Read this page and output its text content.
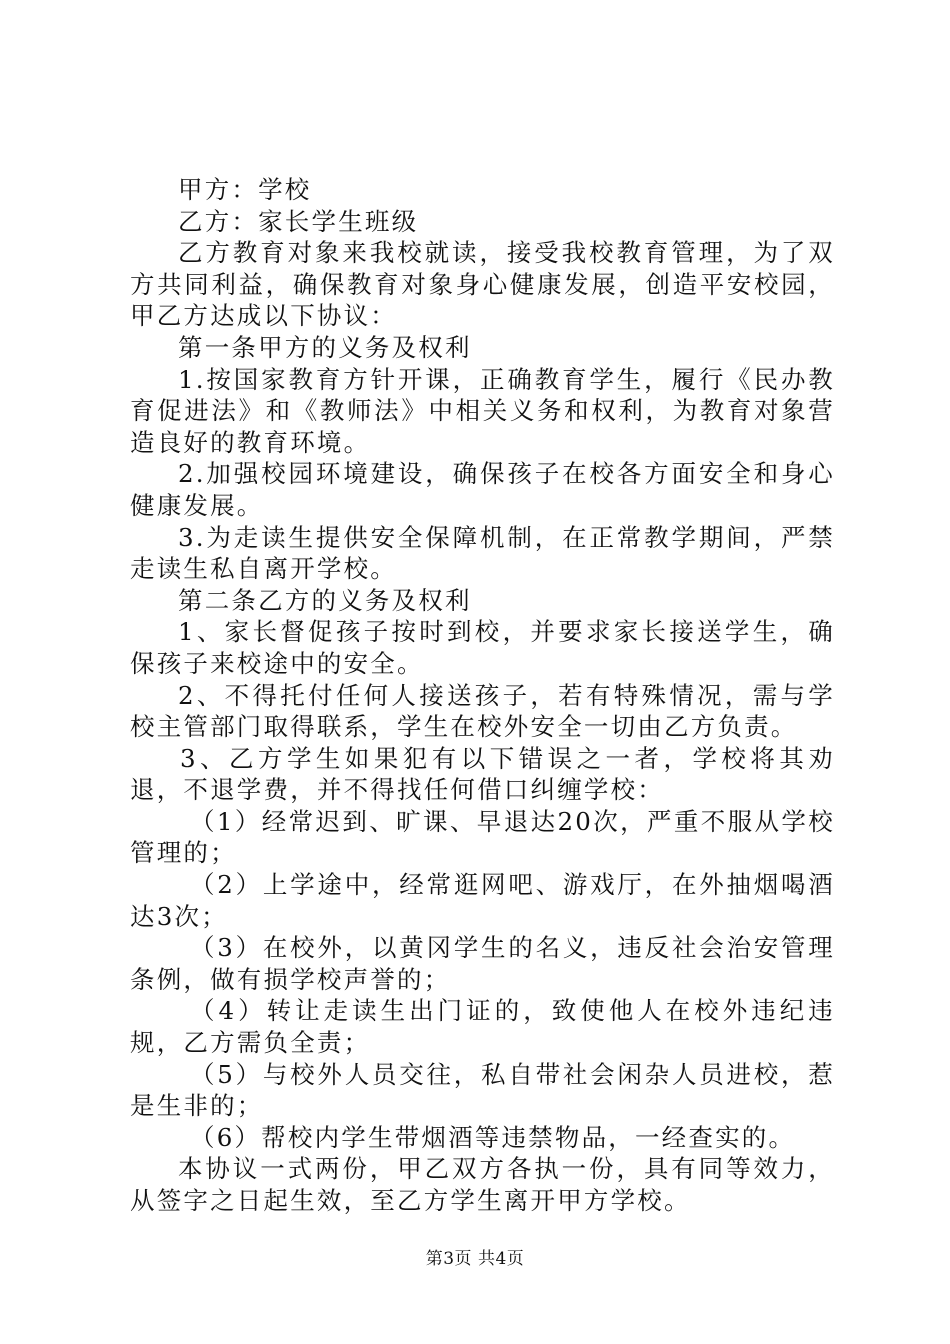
甲方：学校

乙方：家长学生班级

乙方教育对象来我校就读，接受我校教育管理，为了双方共同利益，确保教育对象身心健康发展，创造平安校园，甲乙方达成以下协议：

第一条甲方的义务及权利

1.按国家教育方针开课，正确教育学生，履行《民办教育促进法》和《教师法》中相关义务和权利，为教育对象营造良好的教育环境。

2.加强校园环境建设，确保孩子在校各方面安全和身心健康发展。

3.为走读生提供安全保障机制，在正常教学期间，严禁走读生私自离开学校。

第二条乙方的义务及权利

1、家长督促孩子按时到校，并要求家长接送学生，确保孩子来校途中的安全。

2、不得托付任何人接送孩子，若有特殊情况，需与学校主管部门取得联系，学生在校外安全一切由乙方负责。

3、乙方学生如果犯有以下错误之一者，学校将其劝退，不退学费，并不得找任何借口纠缠学校：

（1）经常迟到、旷课、早退达20次，严重不服从学校管理的；

（2）上学途中，经常逛网吧、游戏厅，在外抽烟喝酒达3次；

（3）在校外，以黄冈学生的名义，违反社会治安管理条例，做有损学校声誉的；

（4）转让走读生出门证的，致使他人在校外违纪违规，乙方需负全责；

（5）与校外人员交往，私自带社会闲杂人员进校，惹是生非的；

（6）帮校内学生带烟酒等违禁物品，一经查实的。

本协议一式两份，甲乙双方各执一份，具有同等效力，从签字之日起生效，至乙方学生离开甲方学校。

第3页 共4页
